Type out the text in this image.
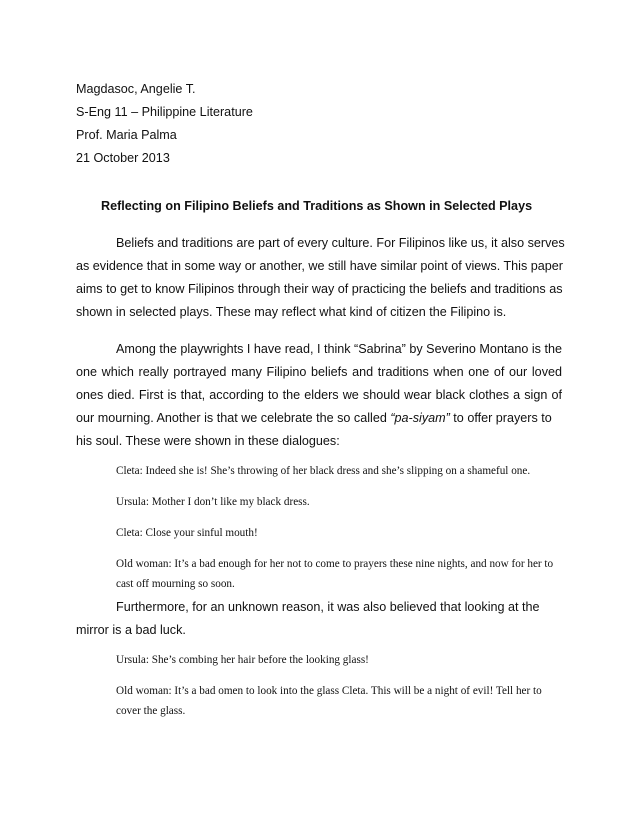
Magdasoc, Angelie T.
S-Eng 11 – Philippine Literature
Prof. Maria Palma
21 October 2013
Reflecting on Filipino Beliefs and Traditions as Shown in Selected Plays
Beliefs and traditions are part of every culture. For Filipinos like us, it also serves
as evidence that in some way or another, we still have similar point of views. This paper
aims to get to know Filipinos through their way of practicing the beliefs and traditions as
shown in selected plays. These may reflect what kind of citizen the Filipino is.
Among the playwrights I have read, I think “Sabrina” by Severino Montano is the
one which really portrayed many Filipino beliefs and traditions when one of our loved
ones died. First is that, according to the elders we should wear black clothes a sign of
our mourning. Another is that we celebrate the so called “pa-siyam” to offer prayers to
his soul. These were shown in these dialogues:
Cleta: Indeed she is! She’s throwing of her black dress and she’s slipping on a shameful one.
Ursula: Mother I don’t like my black dress.
Cleta: Close your sinful mouth!
Old woman: It’s a bad enough for her not to come to prayers these nine nights, and now for her to
cast off mourning so soon.
Furthermore, for an unknown reason, it was also believed that looking at the
mirror is a bad luck.
Ursula: She’s combing her hair before the looking glass!
Old woman: It’s a bad omen to look into the glass Cleta. This will be a night of evil! Tell her to
cover the glass.
